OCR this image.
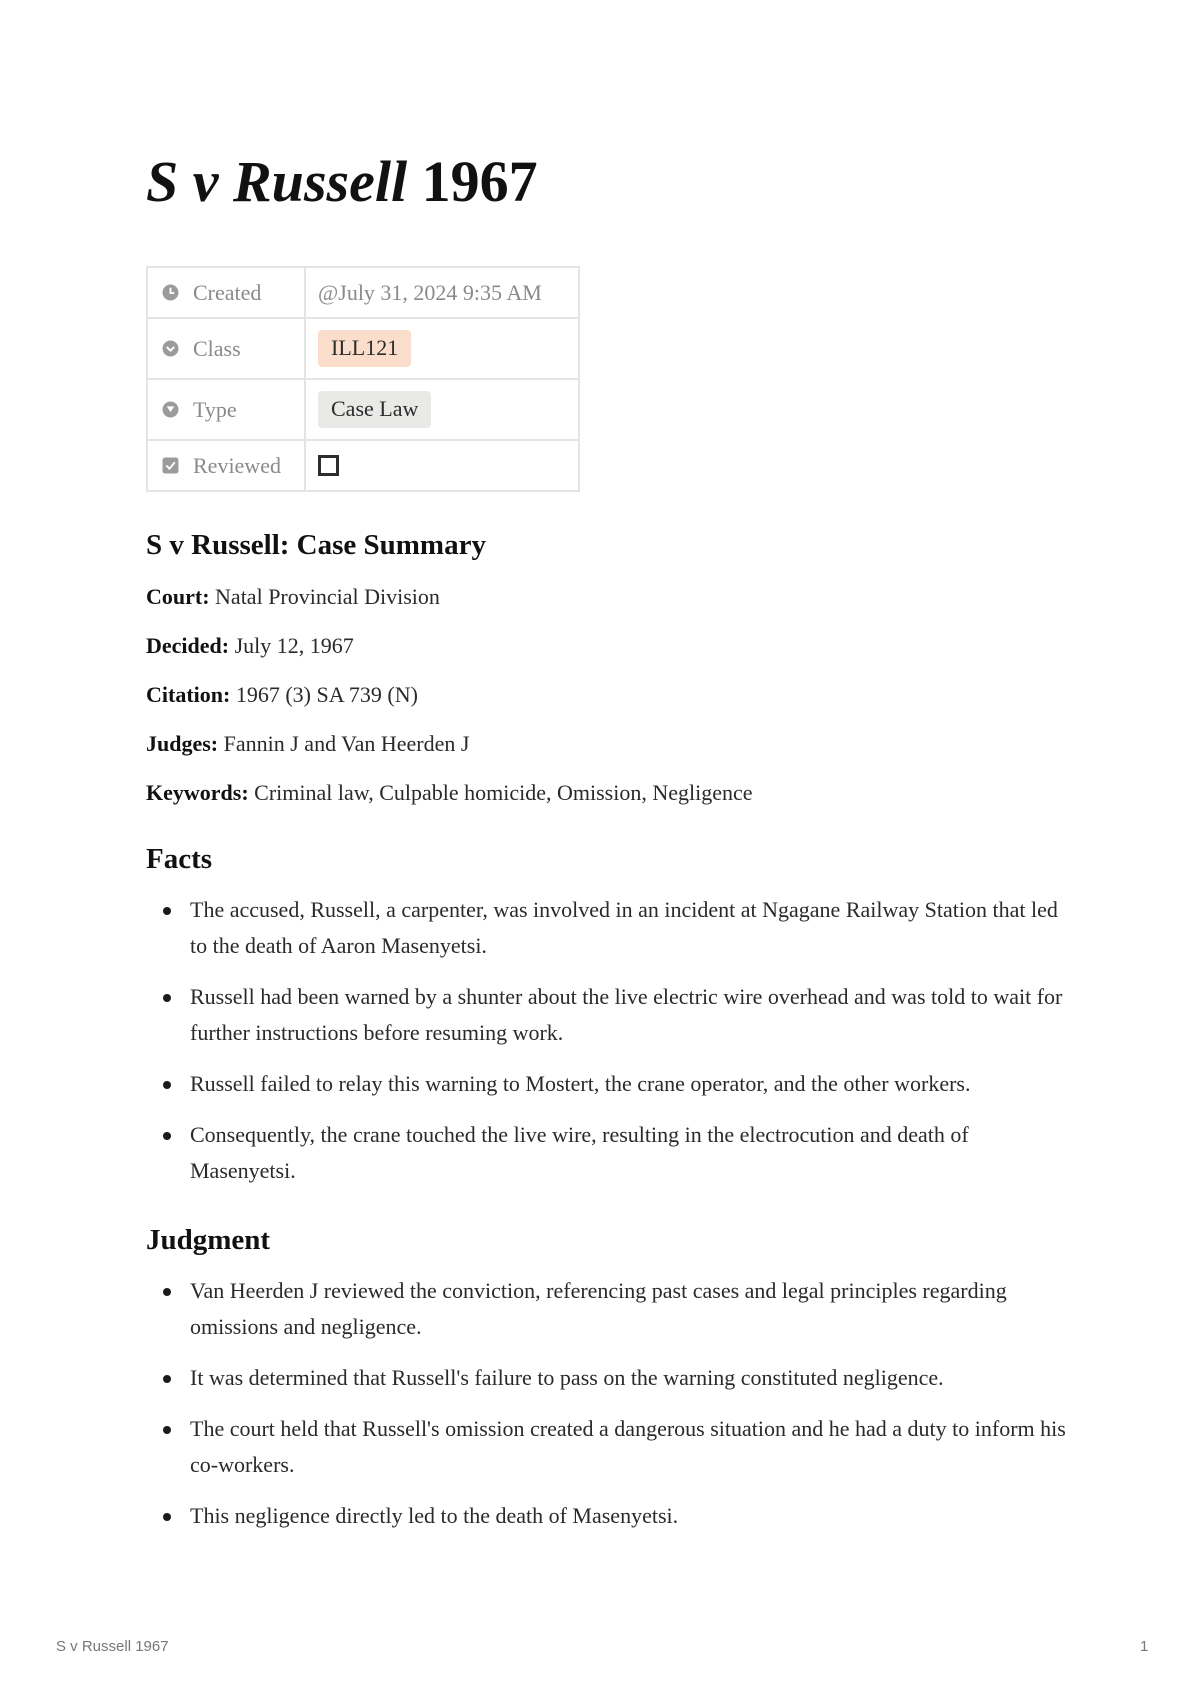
S v Russell 1967
Created	@July 31, 2024 9:35 AM

Class	ILL121

Type	Case Law

Reviewed	

S v Russell: Case Summary

Court: Natal Provincial Division

Decided: July 12, 1967

Citation: 1967 (3) SA 739 (N)

Judges: Fannin J and Van Heerden J

Keywords: Criminal law, Culpable homicide, Omission, Negligence

Facts
The accused, Russell, a carpenter, was involved in an incident at Ngagane Railway Station that led to the death of Aaron Masenyetsi.
Russell had been warned by a shunter about the live electric wire overhead and was told to wait for further instructions before resuming work.
Russell failed to relay this warning to Mostert, the crane operator, and the other workers.
Consequently, the crane touched the live wire, resulting in the electrocution and death of Masenyetsi.
Judgment
Van Heerden J reviewed the conviction, referencing past cases and legal principles regarding omissions and negligence.
It was determined that Russell's failure to pass on the warning constituted negligence.
The court held that Russell's omission created a dangerous situation and he had a duty to inform his co-workers.
This negligence directly led to the death of Masenyetsi.
S v Russell 1967	1
